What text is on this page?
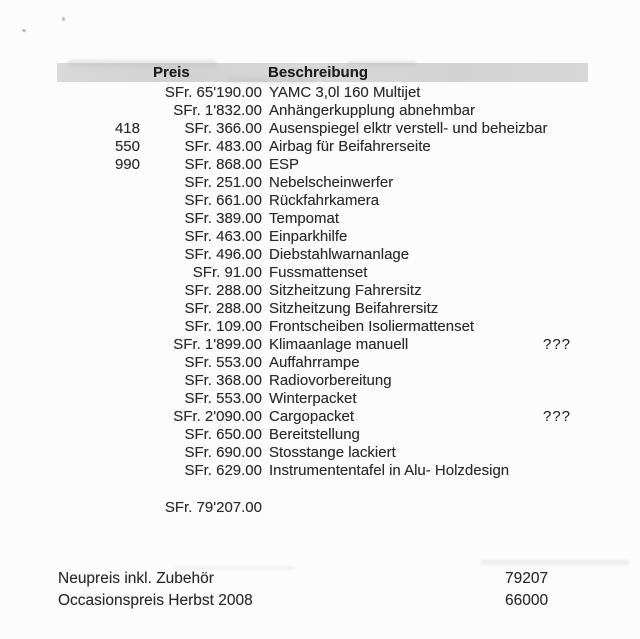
Preis	Beschreibung
SFr. 65'190.00 YAMC 3,0l 160 Multijet
SFr. 1'832.00 Anhängerkupplung abnehmbar
418	SFr. 366.00 Ausenspiegel elktr verstell- und beheizbar
550	SFr. 483.00 Airbag für Beifahrerseite
990	SFr. 868.00 ESP
SFr. 251.00 Nebelscheinwerfer
SFr. 661.00 Rückfahrkamera
SFr. 389.00 Tempomat
SFr. 463.00 Einparkhilfe
SFr. 496.00 Diebstahlwarnanlage
SFr. 91.00 Fussmattenset
SFr. 288.00 Sitzheitzung Fahrersitz
SFr. 288.00 Sitzheitzung Beifahrersitz
SFr. 109.00 Frontscheiben Isoliermattenset
SFr. 1'899.00 Klimaanlage manuell	???
SFr. 553.00 Auffahrrampe
SFr. 368.00 Radiovorbereitung
SFr. 553.00 Winterpacket
SFr. 2'090.00 Cargopacket	???
SFr. 650.00 Bereitstellung
SFr. 690.00 Stosstange lackiert
SFr. 629.00 Instrumententafel in Alu- Holzdesign
SFr. 79'207.00
Neupreis inkl. Zubehör	79207
Occasionspreis Herbst 2008	66000
